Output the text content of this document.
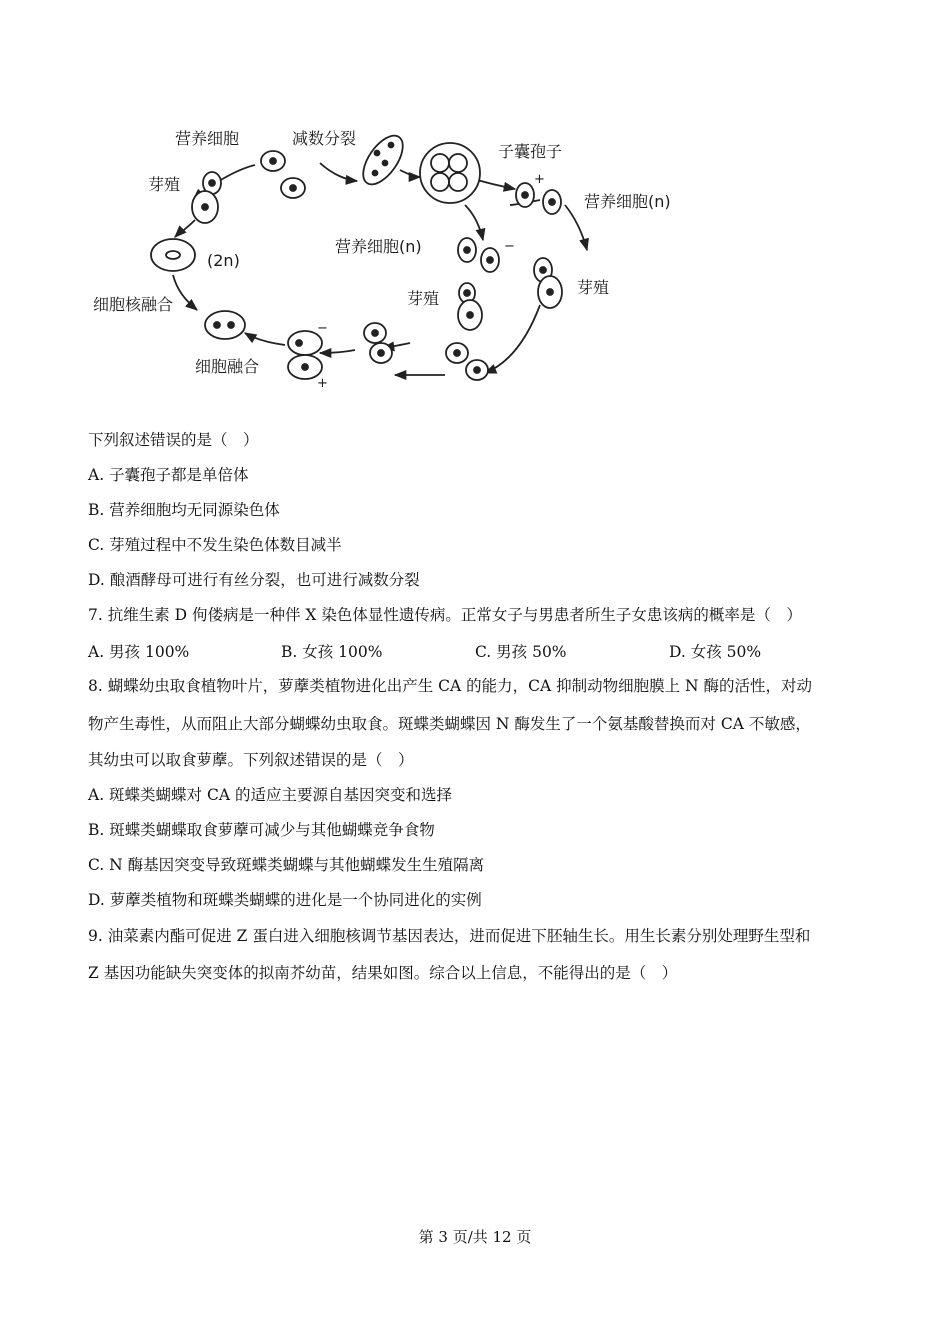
营养细胞	减数分裂
子囊孢子
芽殖
(2n)
细胞核融合
细胞融合
营养细胞(n)
芽殖
营养细胞(n)
芽殖
+
−
−
+
下列叙述错误的是（　）
A. 子囊孢子都是单倍体
B. 营养细胞均无同源染色体
C. 芽殖过程中不发生染色体数目减半
D. 酿酒酵母可进行有丝分裂，也可进行减数分裂
7. 抗维生素 D 佝偻病是一种伴 X 染色体显性遗传病。正常女子与男患者所生子女患该病的概率是（　）
A. 男孩 100%	B. 女孩 100%	C. 男孩 50%	D. 女孩 50%
8. 蝴蝶幼虫取食植物叶片，萝藦类植物进化出产生 CA 的能力，CA 抑制动物细胞膜上 N 酶的活性，对动
物产生毒性，从而阻止大部分蝴蝶幼虫取食。斑蝶类蝴蝶因 N 酶发生了一个氨基酸替换而对 CA 不敏感，
其幼虫可以取食萝藦。下列叙述错误的是（　）
A. 斑蝶类蝴蝶对 CA 的适应主要源自基因突变和选择
B. 斑蝶类蝴蝶取食萝藦可减少与其他蝴蝶竞争食物
C. N 酶基因突变导致斑蝶类蝴蝶与其他蝴蝶发生生殖隔离
D. 萝藦类植物和斑蝶类蝴蝶的进化是一个协同进化的实例
9. 油菜素内酯可促进 Z 蛋白进入细胞核调节基因表达，进而促进下胚轴生长。用生长素分别处理野生型和
Z 基因功能缺失突变体的拟南芥幼苗，结果如图。综合以上信息，不能得出的是（　）
第 3 页/共 12 页
